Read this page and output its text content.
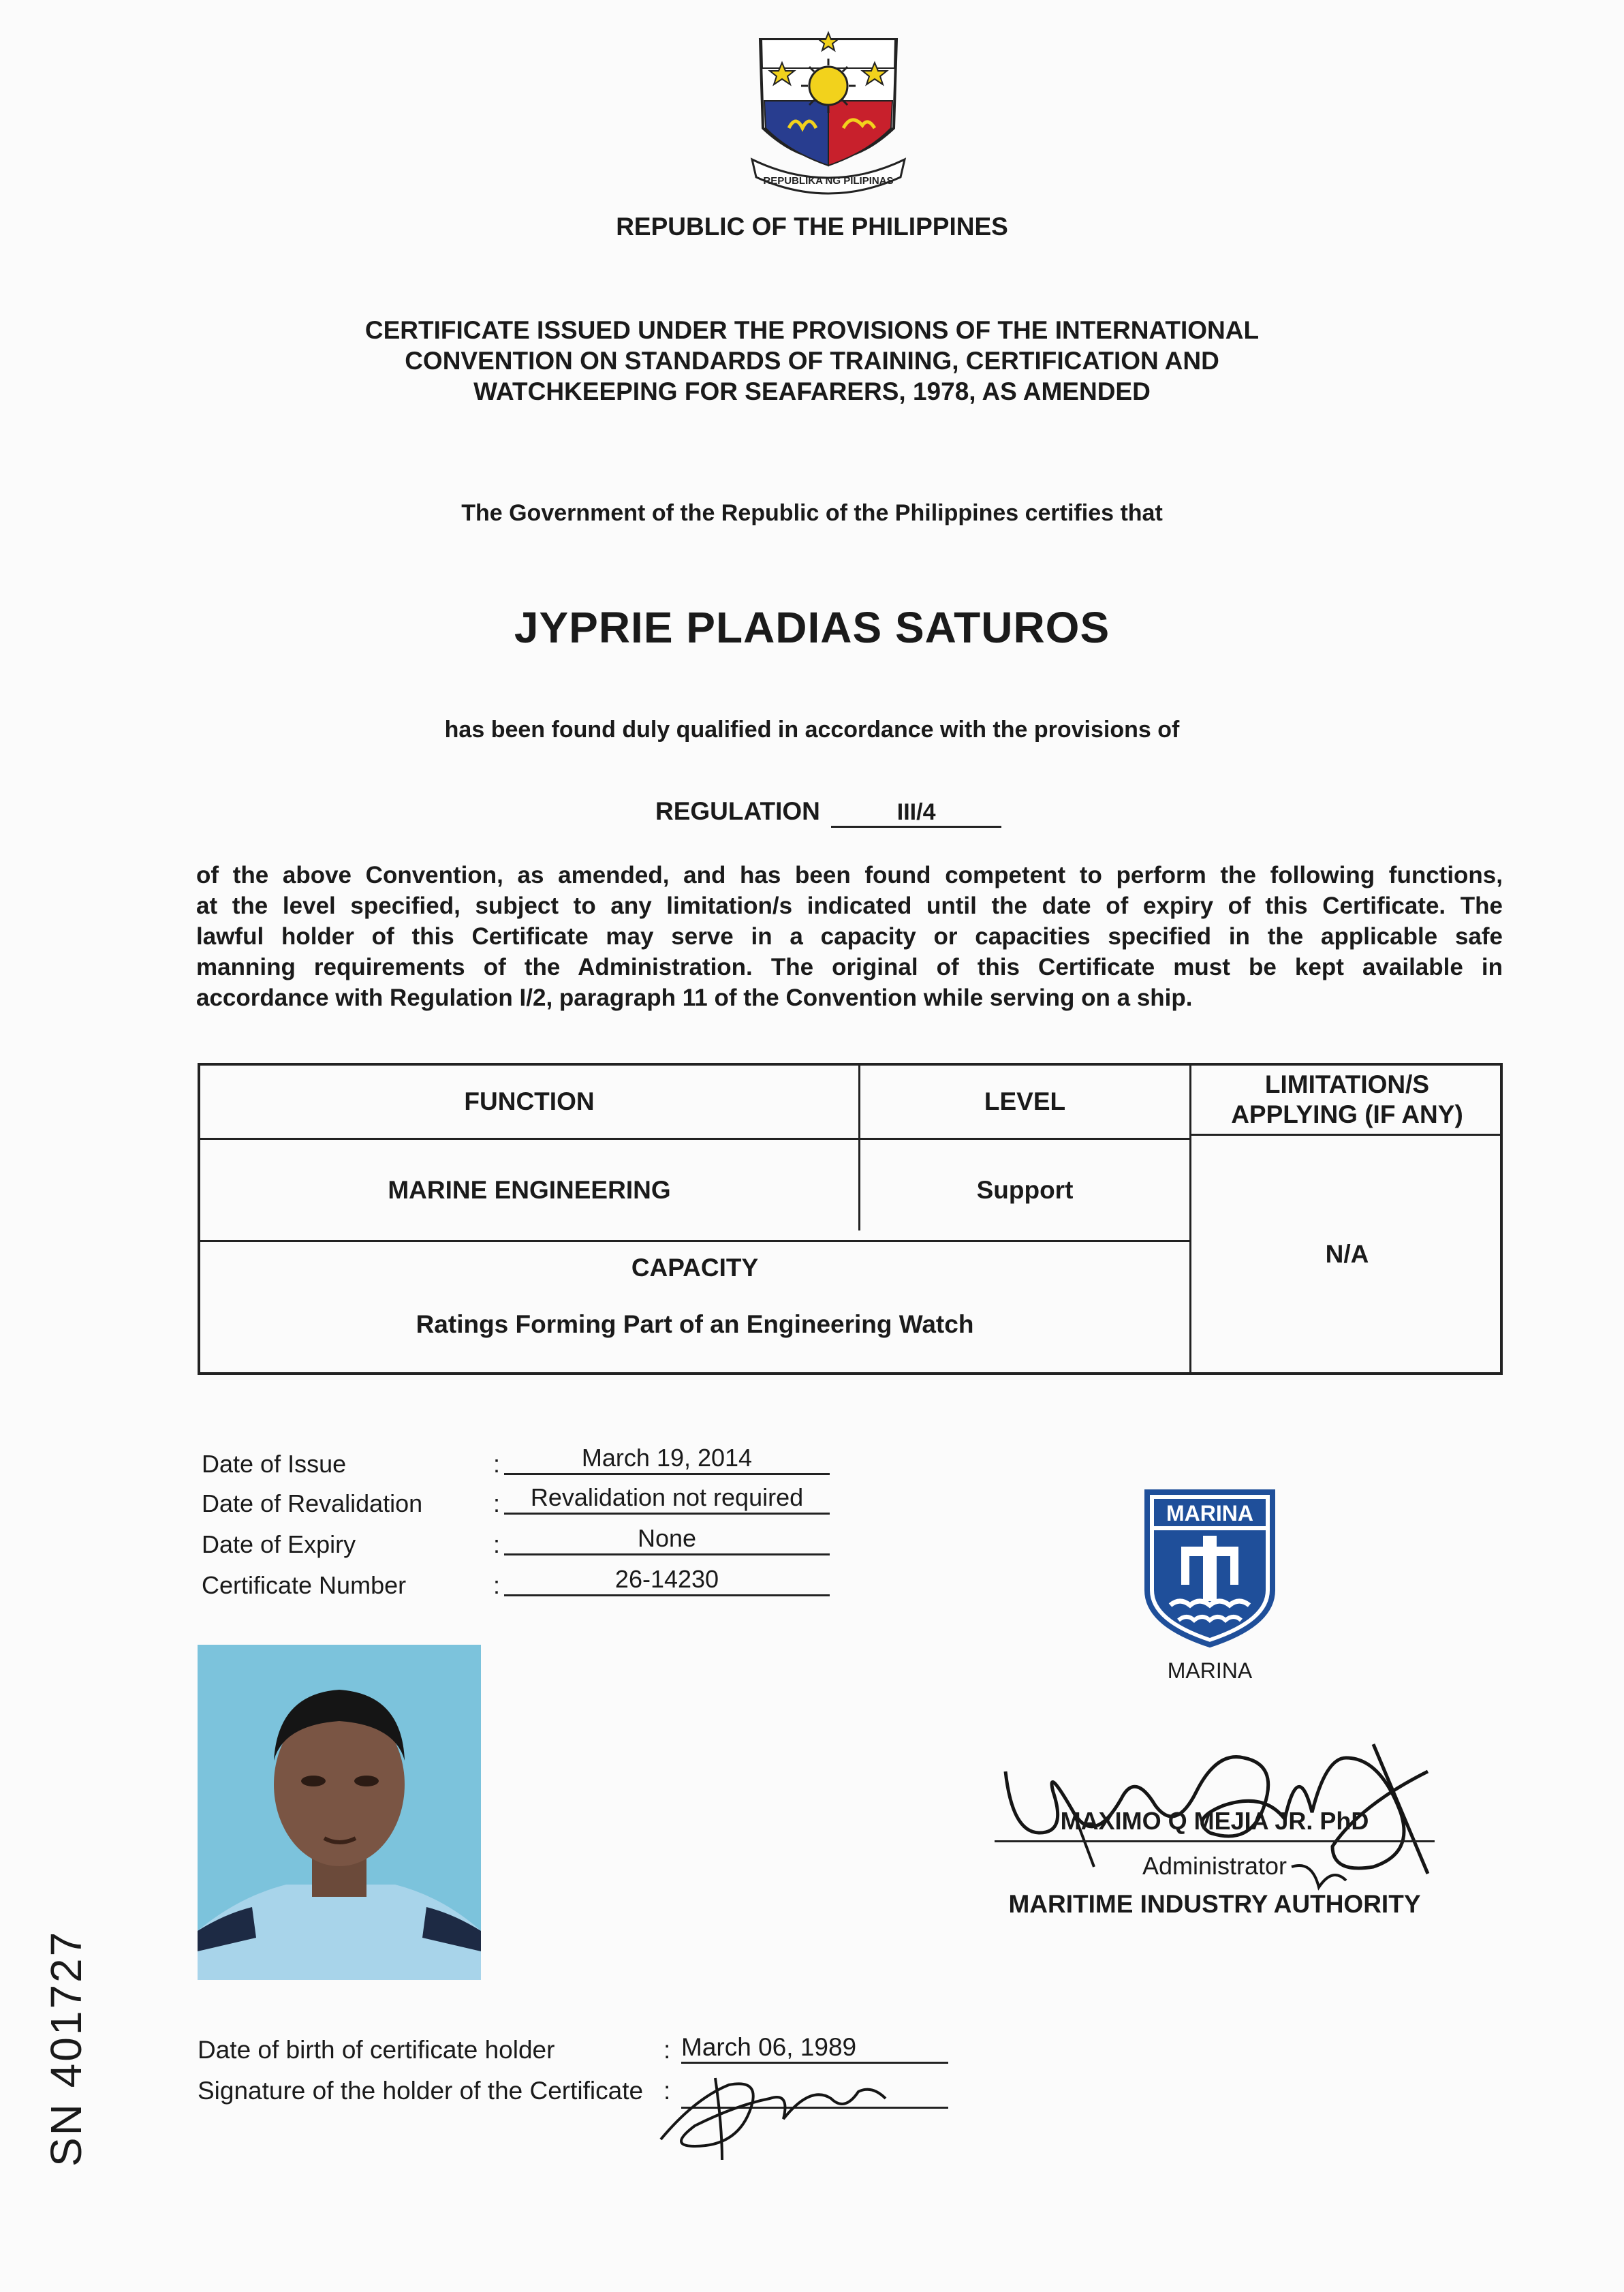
REPUBLIKA NG PILIPINAS
REPUBLIC OF THE PHILIPPINES
CERTIFICATE ISSUED UNDER THE PROVISIONS OF THE INTERNATIONAL
CONVENTION ON STANDARDS OF TRAINING, CERTIFICATION AND
WATCHKEEPING FOR SEAFARERS, 1978, AS AMENDED
The Government of the Republic of the Philippines certifies that
JYPRIE PLADIAS SATUROS
has been found duly qualified in accordance with the provisions of
REGULATION	III/4
of the above Convention, as amended, and has been found competent to perform the following functions,
at the level specified, subject to any limitation/s indicated until the date of expiry of this Certificate. The
lawful holder of this Certificate may serve in a capacity or capacities specified in the applicable safe
manning requirements of the Administration. The original of this Certificate must be kept available in
accordance with Regulation I/2, paragraph 11 of the Convention while serving on a ship.
FUNCTION	LEVEL
LIMITATION/S APPLYING (IF ANY)
MARINE ENGINEERING	Support
N/A
CAPACITY
Ratings Forming Part of an Engineering Watch
Date of Issue	:	March 19, 2014
Date of Revalidation	:	Revalidation not required
Date of Expiry	:	None
Certificate Number	:	26-14230
MARINA
MARINA
MAXIMO Q MEJIA JR. PhD
Administrator
MARITIME INDUSTRY AUTHORITY
Date of birth of certificate holder	: March 06, 1989
Signature of the holder of the Certificate :
SN 401727
